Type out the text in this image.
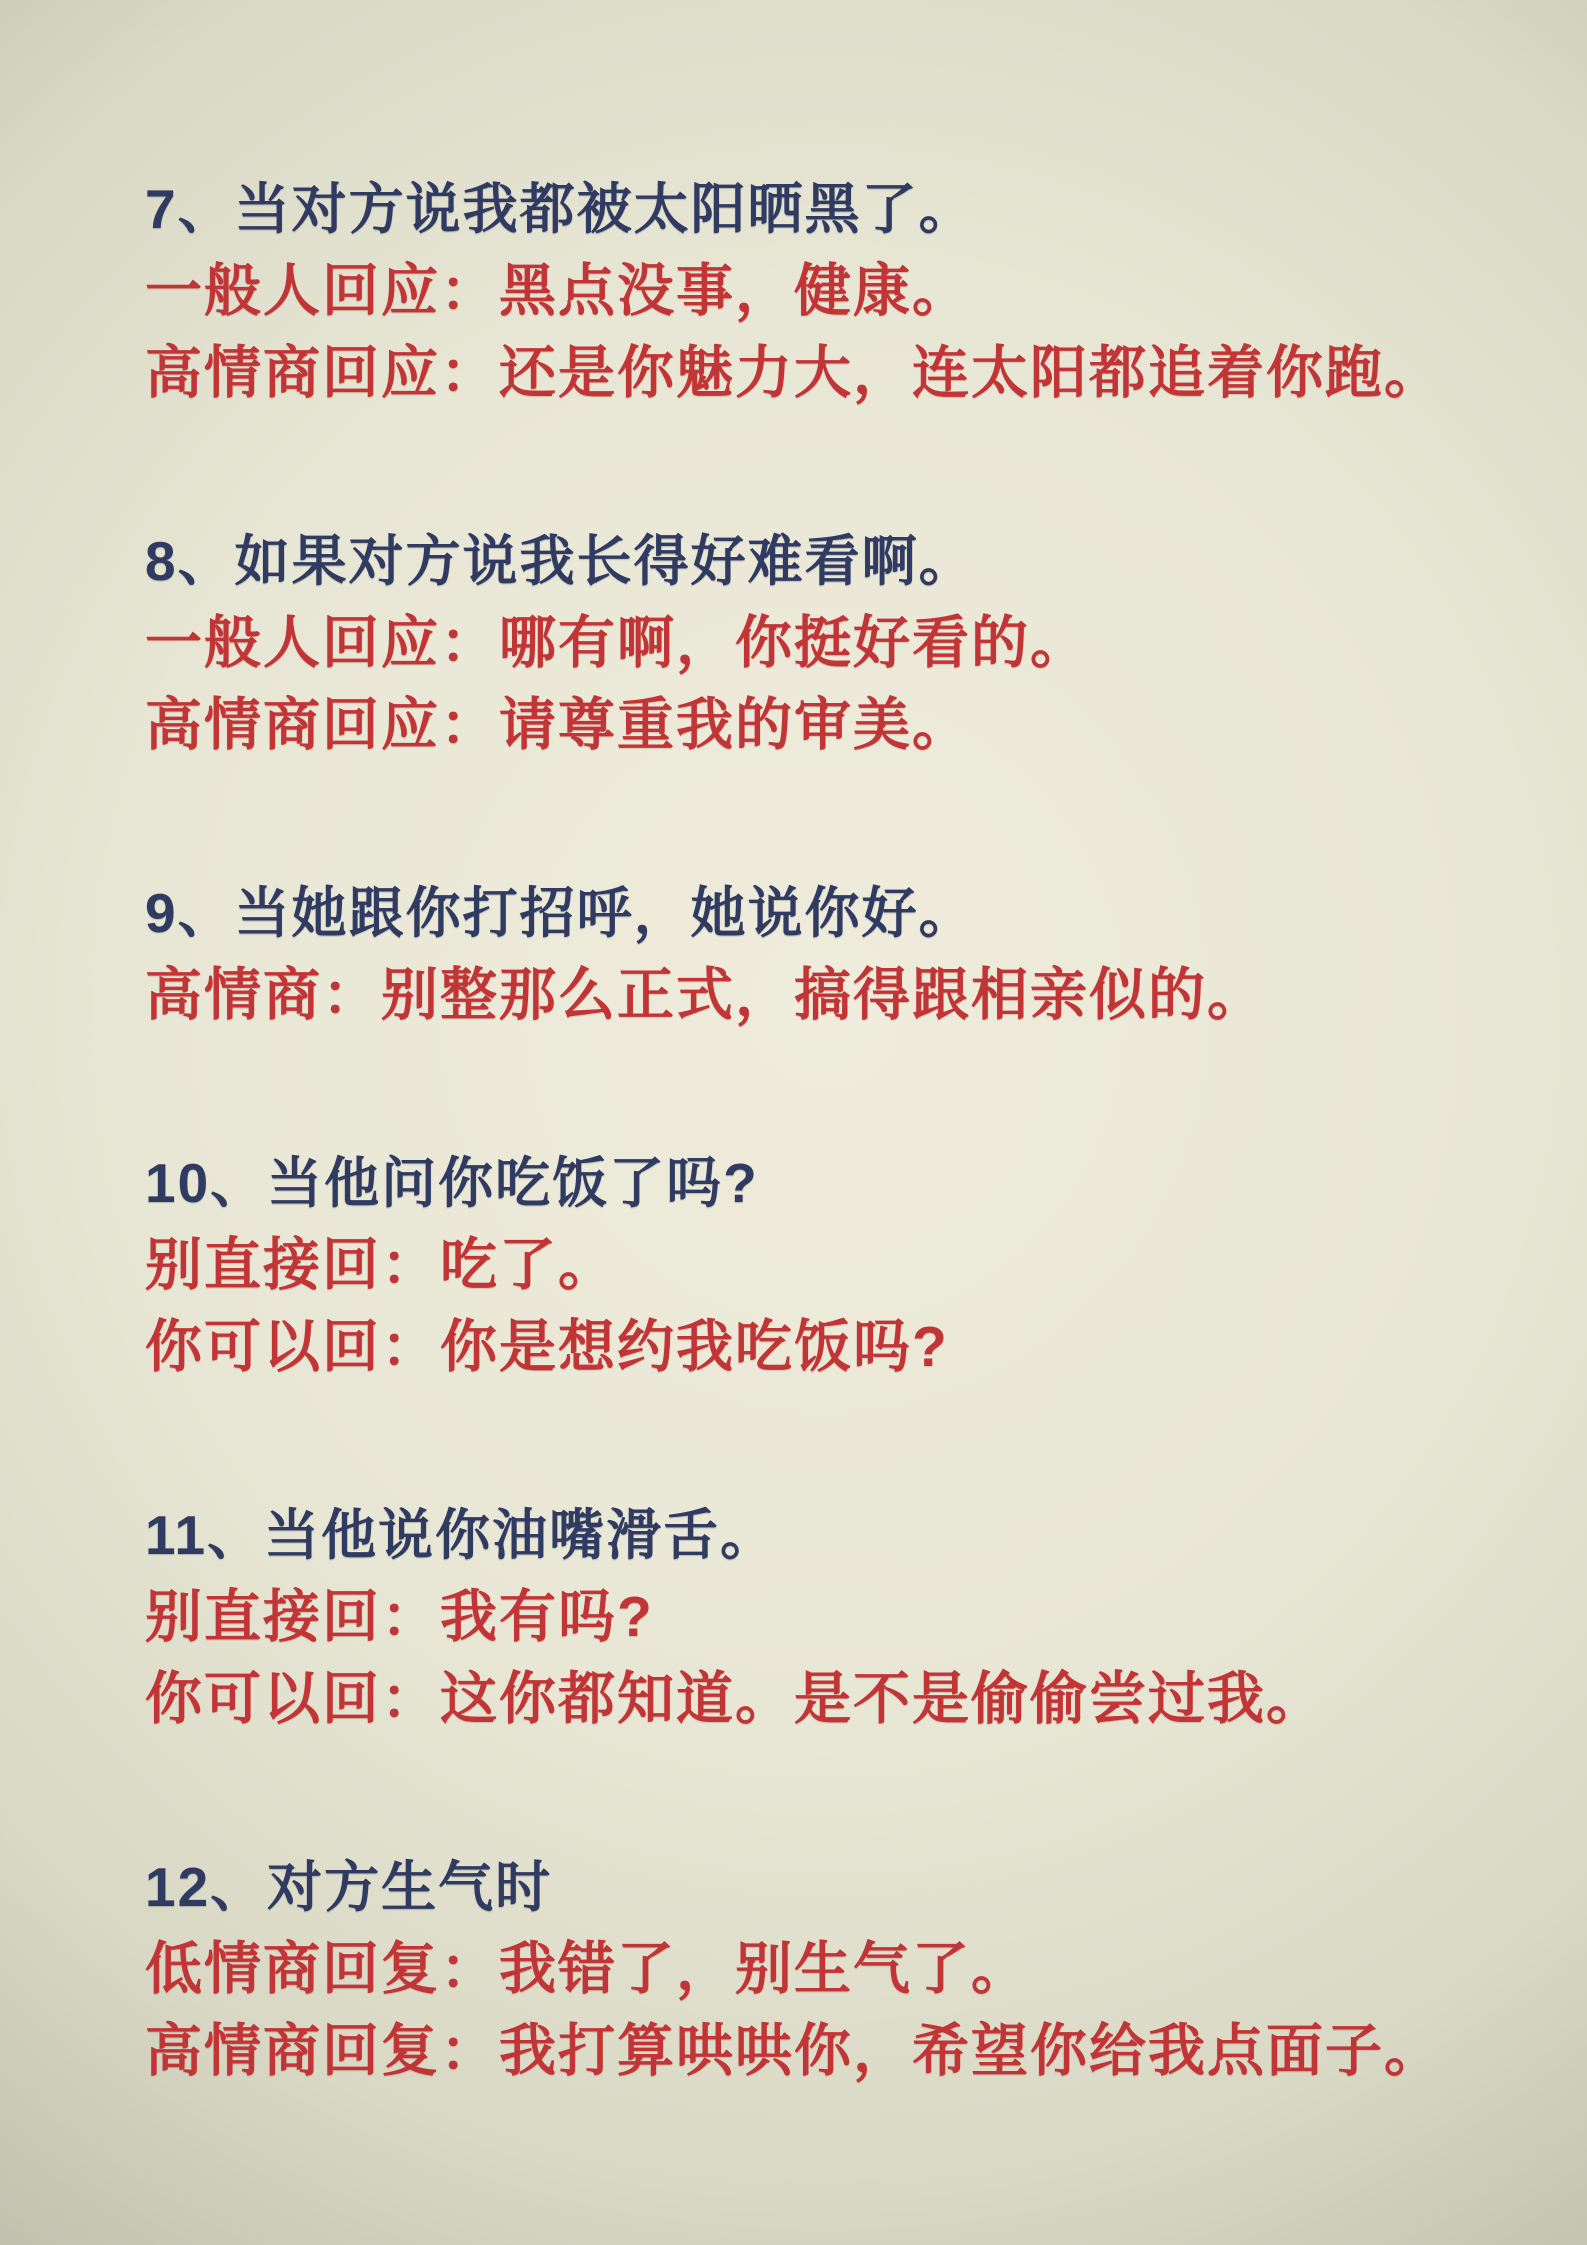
7、当对方说我都被太阳晒黑了。

一般人回应：黑点没事，健康。

高情商回应：还是你魅力大，连太阳都追着你跑。

8、如果对方说我长得好难看啊。

一般人回应：哪有啊，你挺好看的。

高情商回应：请尊重我的审美。

9、当她跟你打招呼，她说你好。

高情商：别整那么正式，搞得跟相亲似的。

10、当他问你吃饭了吗?

别直接回：吃了。

你可以回：你是想约我吃饭吗?

11、当他说你油嘴滑舌。

别直接回：我有吗?

你可以回：这你都知道。是不是偷偷尝过我。

12、对方生气时

低情商回复：我错了，别生气了。

高情商回复：我打算哄哄你，希望你给我点面子。
